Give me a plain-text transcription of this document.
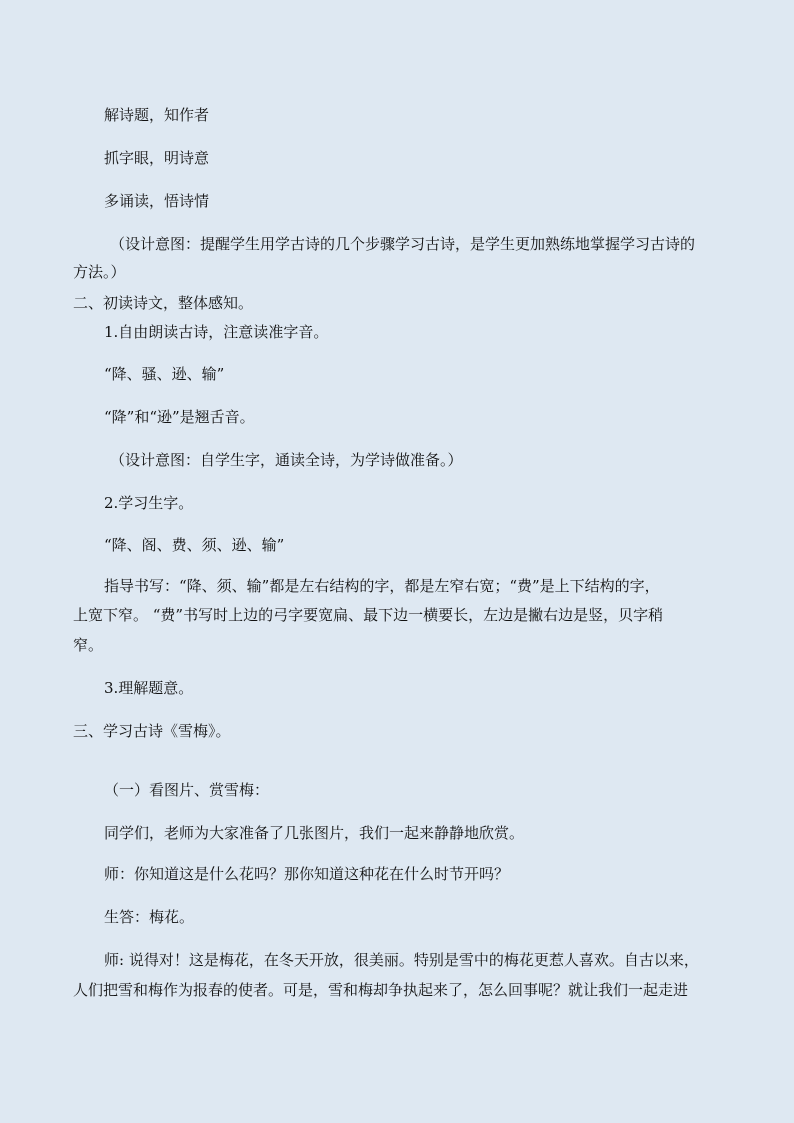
解诗题，知作者
抓字眼，明诗意
多诵读，悟诗情
（设计意图：提醒学生用学古诗的几个步骤学习古诗，是学生更加熟练地掌握学习古诗的
方法。）
二、初读诗文，整体感知。
1.自由朗读古诗，注意读准字音。
“降、骚、逊、输”
“降”和“逊”是翘舌音。
（设计意图：自学生字，通读全诗，为学诗做准备。）
2.学习生字。
“降、阁、费、须、逊、输”
指导书写：“降、须、输”都是左右结构的字，都是左窄右宽；“费”是上下结构的字，
上宽下窄。 “费”书写时上边的弓字要宽扁、最下边一横要长，左边是撇右边是竖，贝字稍
窄。
3.理解题意。
三、学习古诗《雪梅》。
（一）看图片、赏雪梅：
同学们，老师为大家准备了几张图片，我们一起来静静地欣赏。
师：你知道这是什么花吗？那你知道这种花在什么时节开吗？
生答：梅花。
师: 说得对！这是梅花，在冬天开放，很美丽。特别是雪中的梅花更惹人喜欢。自古以来，
人们把雪和梅作为报春的使者。可是，雪和梅却争执起来了，怎么回事呢？就让我们一起走进
